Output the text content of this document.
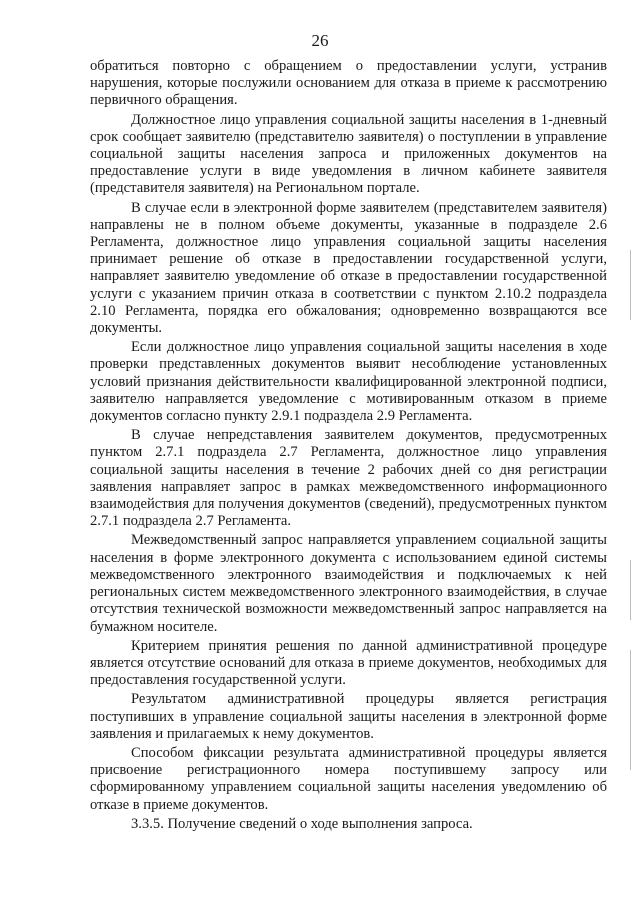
26

обратиться повторно с обращением о предоставлении услуги, устранив нарушения, которые послужили основанием для отказа в приеме к рассмотрению первичного обращения.

Должностное лицо управления социальной защиты населения в 1-дневный срок сообщает заявителю (представителю заявителя) о поступлении в управление социальной защиты населения запроса и приложенных документов на предоставление услуги в виде уведомления в личном кабинете заявителя (представителя заявителя) на Региональном портале.

В случае если в электронной форме заявителем (представителем заявителя) направлены не в полном объеме документы, указанные в подразделе 2.6 Регламента, должностное лицо управления социальной защиты населения принимает решение об отказе в предоставлении государственной услуги, направляет заявителю уведомление об отказе в предоставлении государственной услуги с указанием причин отказа в соответствии с пунктом 2.10.2 подраздела 2.10 Регламента, порядка его обжалования; одновременно возвращаются все документы.

Если должностное лицо управления социальной защиты населения в ходе проверки представленных документов выявит несоблюдение установленных условий признания действительности квалифицированной электронной подписи, заявителю направляется уведомление с мотивированным отказом в приеме документов согласно пункту 2.9.1 подраздела 2.9 Регламента.

В случае непредставления заявителем документов, предусмотренных пунктом 2.7.1 подраздела 2.7 Регламента, должностное лицо управления социальной защиты населения в течение 2 рабочих дней со дня регистрации заявления направляет запрос в рамках межведомственного информационного взаимодействия для получения документов (сведений), предусмотренных пунктом 2.7.1 подраздела 2.7 Регламента.

Межведомственный запрос направляется управлением социальной защиты населения в форме электронного документа с использованием единой системы межведомственного электронного взаимодействия и подключаемых к ней региональных систем межведомственного электронного взаимодействия, в случае отсутствия технической возможности межведомственный запрос направляется на бумажном носителе.

Критерием принятия решения по данной административной процедуре является отсутствие оснований для отказа в приеме документов, необходимых для предоставления государственной услуги.

Результатом административной процедуры является регистрация поступивших в управление социальной защиты населения в электронной форме заявления и прилагаемых к нему документов.

Способом фиксации результата административной процедуры является присвоение регистрационного номера поступившему запросу или сформированному управлением социальной защиты населения уведомлению об отказе в приеме документов.

3.3.5. Получение сведений о ходе выполнения запроса.
